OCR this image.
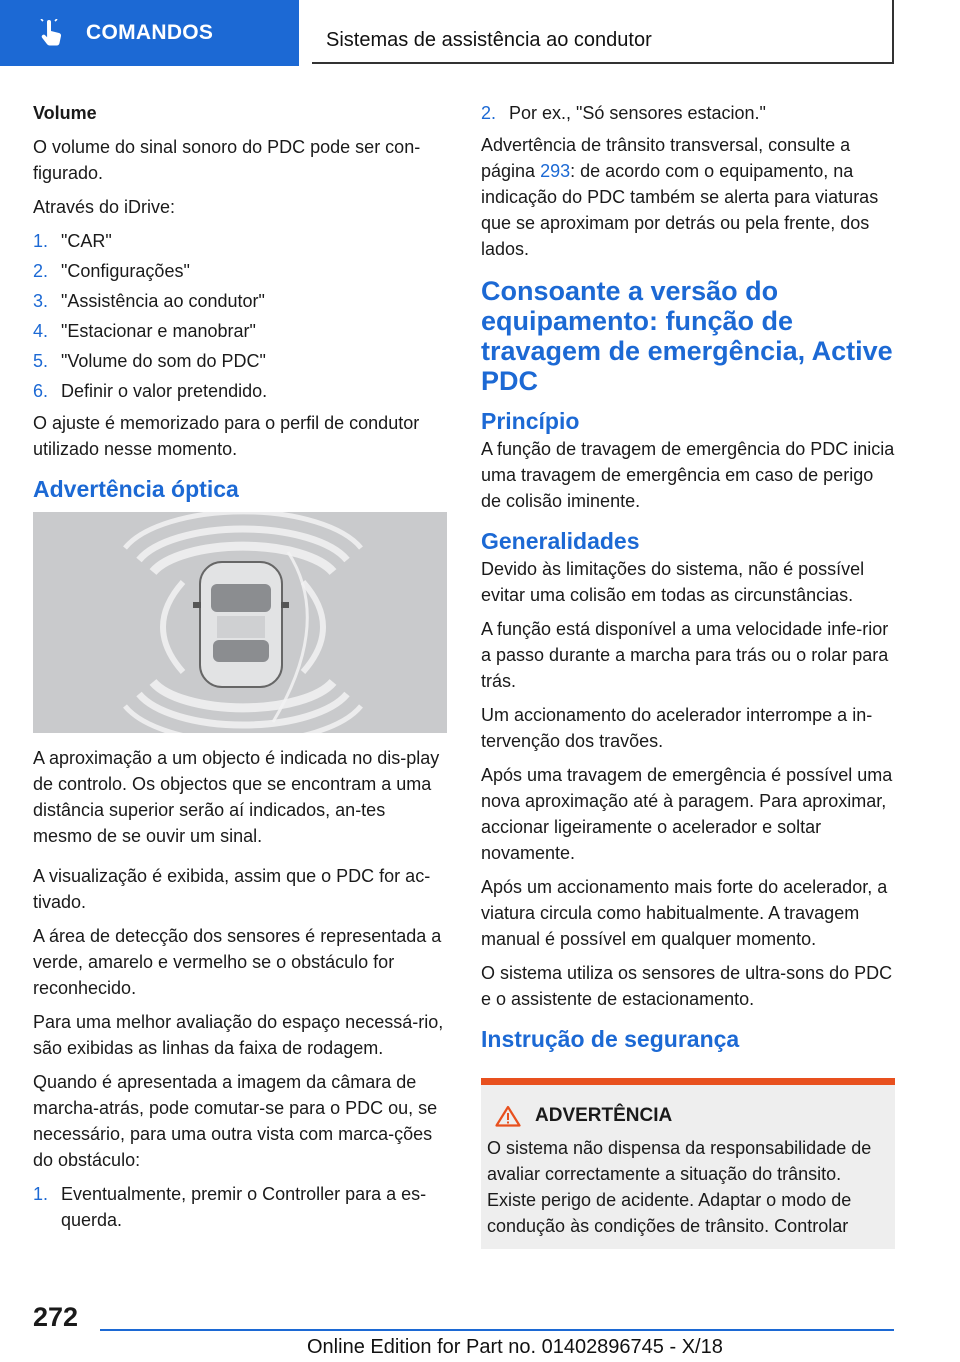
COMANDOS	Sistemas de assistência ao condutor

Volume

O volume do sinal sonoro do PDC pode ser con-figurado.

Através do iDrive:

1. "CAR"
2. "Configurações"
3. "Assistência ao condutor"
4. "Estacionar e manobrar"
5. "Volume do som do PDC"
6. Definir o valor pretendido.

O ajuste é memorizado para o perfil de condutor utilizado nesse momento.

Advertência óptica

A aproximação a um objecto é indicada no dis-play de controlo. Os objectos que se encontram a uma distância superior serão aí indicados, an-tes mesmo de se ouvir um sinal.

A visualização é exibida, assim que o PDC for ac-tivado.

A área de detecção dos sensores é representada a verde, amarelo e vermelho se o obstáculo for reconhecido.

Para uma melhor avaliação do espaço necessá-rio, são exibidas as linhas da faixa de rodagem.

Quando é apresentada a imagem da câmara de marcha-atrás, pode comutar-se para o PDC ou, se necessário, para uma outra vista com marca-ções do obstáculo:

1. Eventualmente, premir o Controller para a es-querda.
2. Por ex., "Só sensores estacion."

Advertência de trânsito transversal, consulte a página 293: de acordo com o equipamento, na indicação do PDC também se alerta para viaturas que se aproximam por detrás ou pela frente, dos lados.

Consoante a versão do equipamento: função de travagem de emergência, Active PDC
Princípio

A função de travagem de emergência do PDC inicia uma travagem de emergência em caso de perigo de colisão iminente.

Generalidades

Devido às limitações do sistema, não é possível evitar uma colisão em todas as circunstâncias.

A função está disponível a uma velocidade infe-rior a passo durante a marcha para trás ou o rolar para trás.

Um accionamento do acelerador interrompe a in-tervenção dos travões.

Após uma travagem de emergência é possível uma nova aproximação até à paragem. Para aproximar, accionar ligeiramente o acelerador e soltar novamente.

Após um accionamento mais forte do acelerador, a viatura circula como habitualmente. A travagem manual é possível em qualquer momento.

O sistema utiliza os sensores de ultra-sons do PDC e o assistente de estacionamento.

Instrução de segurança
ADVERTÊNCIA

O sistema não dispensa da responsabilidade de avaliar correctamente a situação do trânsito. Existe perigo de acidente. Adaptar o modo de condução às condições de trânsito. Controlar

272
Online Edition for Part no. 01402896745 - X/18
